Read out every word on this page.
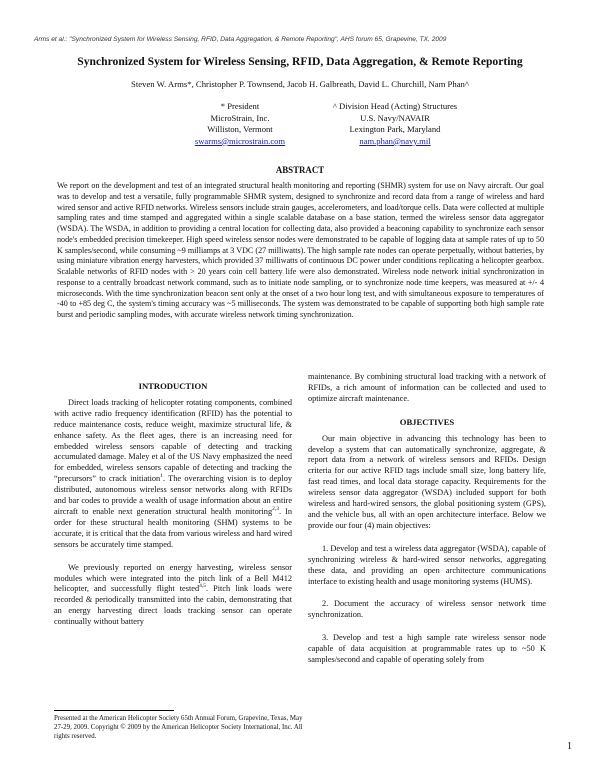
Arms et al.: "Synchronized System for Wireless Sensing, RFID, Data Aggregation, & Remote Reporting", AHS forum 65, Grapevine, TX, 2009
Synchronized System for Wireless Sensing, RFID, Data Aggregation, & Remote Reporting
Steven W. Arms*, Christopher P. Townsend, Jacob H. Galbreath, David L. Churchill, Nam Phan^
* President
MicroStrain, Inc.
Williston, Vermont
swarms@microstrain.com
^ Division Head (Acting) Structures
U.S. Navy/NAVAIR
Lexington Park, Maryland
nam.phan@navy.mil
ABSTRACT
We report on the development and test of an integrated structural health monitoring and reporting (SHMR) system for use on Navy aircraft. Our goal was to develop and test a versatile, fully programmable SHMR system, designed to synchronize and record data from a range of wireless and hard wired sensor and active RFID networks. Wireless sensors include strain gauges, accelerometers, and load/torque cells. Data were collected at multiple sampling rates and time stamped and aggregated within a single scalable database on a base station, termed the wireless sensor data aggregator (WSDA). The WSDA, in addition to providing a central location for collecting data, also provided a beaconing capability to synchronize each sensor node's embedded precision timekeeper. High speed wireless sensor nodes were demonstrated to be capable of logging data at sample rates of up to 50 K samples/second, while consuming ~9 milliamps at 3 VDC (27 milliwatts). The high sample rate nodes can operate perpetually, without batteries, by using miniature vibration energy harvesters, which provided 37 milliwatts of continuous DC power under conditions replicating a helicopter gearbox. Scalable networks of RFID nodes with > 20 years coin cell battery life were also demonstrated. Wireless node network initial synchronization in response to a centrally broadcast network command, such as to initiate node sampling, or to synchronize node time keepers, was measured at +/- 4 microseconds. With the time synchronization beacon sent only at the onset of a two hour long test, and with simultaneous exposure to temperatures of -40 to +85 deg C, the system's timing accuracy was ~5 milliseconds. The system was demonstrated to be capable of supporting both high sample rate burst and periodic sampling modes, with accurate wireless network timing synchronization.
INTRODUCTION

Direct loads tracking of helicopter rotating components, combined with active radio frequency identification (RFID) has the potential to reduce maintenance costs, reduce weight, maximize structural life, & enhance safety. As the fleet ages, there is an increasing need for embedded wireless sensors capable of detecting and tracking accumulated damage. Maley et al of the US Navy emphasized the need for embedded, wireless sensors capable of detecting and tracking the “precursors” to crack initiation$^1$. The overarching vision is to deploy distributed, autonomous wireless sensor networks along with RFIDs and bar codes to provide a wealth of usage information about an entire aircraft to enable next generation structural health monitoring$^{2,3}$. In order for these structural health monitoring (SHM) systems to be accurate, it is critical that the data from various wireless and hard wired sensors be accurately time stamped.

We previously reported on energy harvesting, wireless sensor modules which were integrated into the pitch link of a Bell M412 helicopter, and successfully flight tested$^{4,5}$. Pitch link loads were recorded & periodically transmitted into the cabin, demonstrating that an energy harvesting direct loads tracking sensor can operate continually without battery

maintenance. By combining structural load tracking with a network of RFIDs, a rich amount of information can be collected and used to optimize aircraft maintenance.

OBJECTIVES

Our main objective in advancing this technology has been to develop a system that can automatically synchronize, aggregate, & report data from a network of wireless sensors and RFIDs. Design criteria for our active RFID tags include small size, long battery life, fast read times, and local data storage capacity. Requirements for the wireless sensor data aggregator (WSDA) included support for both wireless and hard-wired sensors, the global positioning system (GPS), and the vehicle bus, all with an open architecture interface. Below we provide our four (4) main objectives:

1. Develop and test a wireless data aggregator (WSDA), capable of synchronizing wireless & hard-wired sensor networks, aggregating these data, and providing an open architecture communications interface to existing health and usage monitoring systems (HUMS).

2. Document the accuracy of wireless sensor network time synchronization.

3. Develop and test a high sample rate wireless sensor node capable of data acquisition at programmable rates up to ~50 K samples/second and capable of operating solely from

Presented at the American Helicopter Society 65th Annual Forum, Grapevine, Texas, May 27-29, 2009. Copyright © 2009 by the American Helicopter Society International, Inc. All rights reserved.
1
